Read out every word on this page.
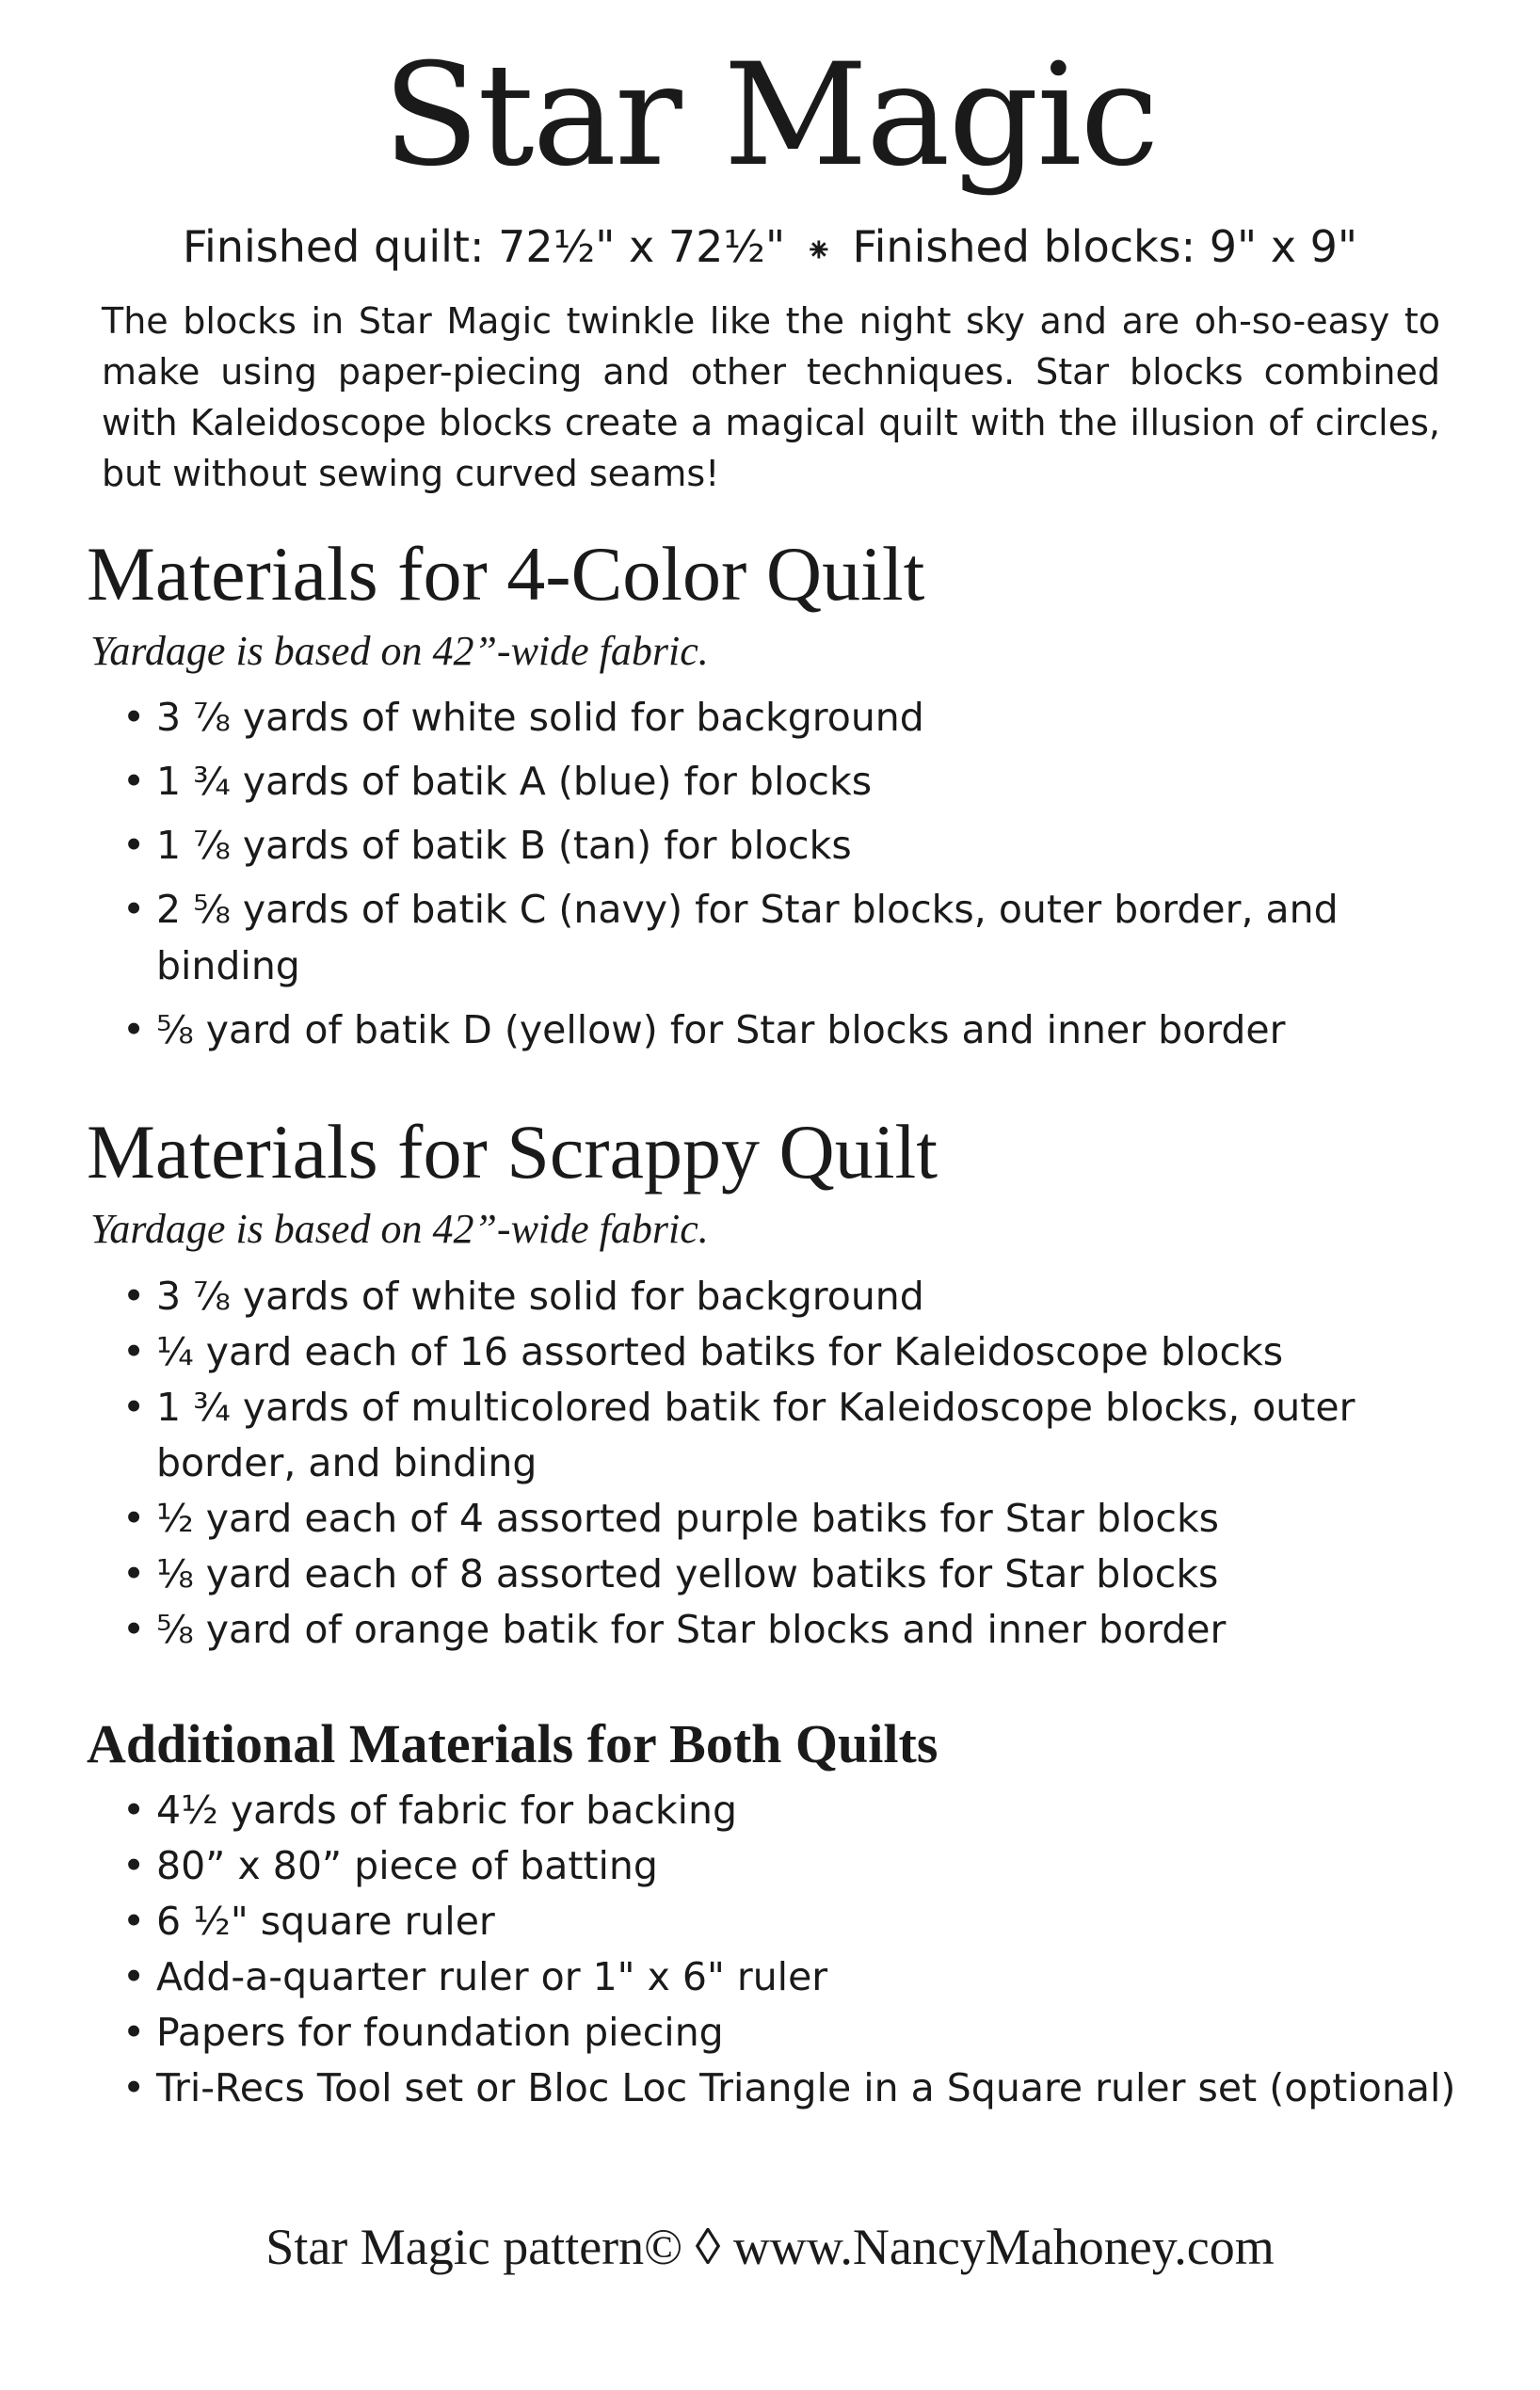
Star Magic
Finished quilt: 72½" x 72½" ⁕ Finished blocks: 9" x 9"
The blocks in Star Magic twinkle like the night sky and are oh-so-easy to make using paper-piecing and other techniques. Star blocks combined with Kaleidoscope blocks create a magical quilt with the illusion of circles, but without sewing curved seams!
Materials for 4-Color Quilt
Yardage is based on 42”-wide fabric.
• 3 ⅞ yards of white solid for background
• 1 ¾ yards of batik A (blue) for blocks
• 1 ⅞ yards of batik B (tan) for blocks
• 2 ⅝ yards of batik C (navy) for Star blocks, outer border, and binding
• ⅝ yard of batik D (yellow) for Star blocks and inner border
Materials for Scrappy Quilt
Yardage is based on 42”-wide fabric.
• 3 ⅞ yards of white solid for background
• ¼ yard each of 16 assorted batiks for Kaleidoscope blocks
• 1 ¾ yards of multicolored batik for Kaleidoscope blocks, outer border, and binding
• ½ yard each of 4 assorted purple batiks for Star blocks
• ⅛ yard each of 8 assorted yellow batiks for Star blocks
• ⅝ yard of orange batik for Star blocks and inner border
Additional Materials for Both Quilts
• 4½ yards of fabric for backing
• 80” x 80” piece of batting
• 6 ½" square ruler
• Add-a-quarter ruler or 1" x 6" ruler
• Papers for foundation piecing
• Tri-Recs Tool set or Bloc Loc Triangle in a Square ruler set (optional)
Star Magic pattern© ◊ www.NancyMahoney.com
